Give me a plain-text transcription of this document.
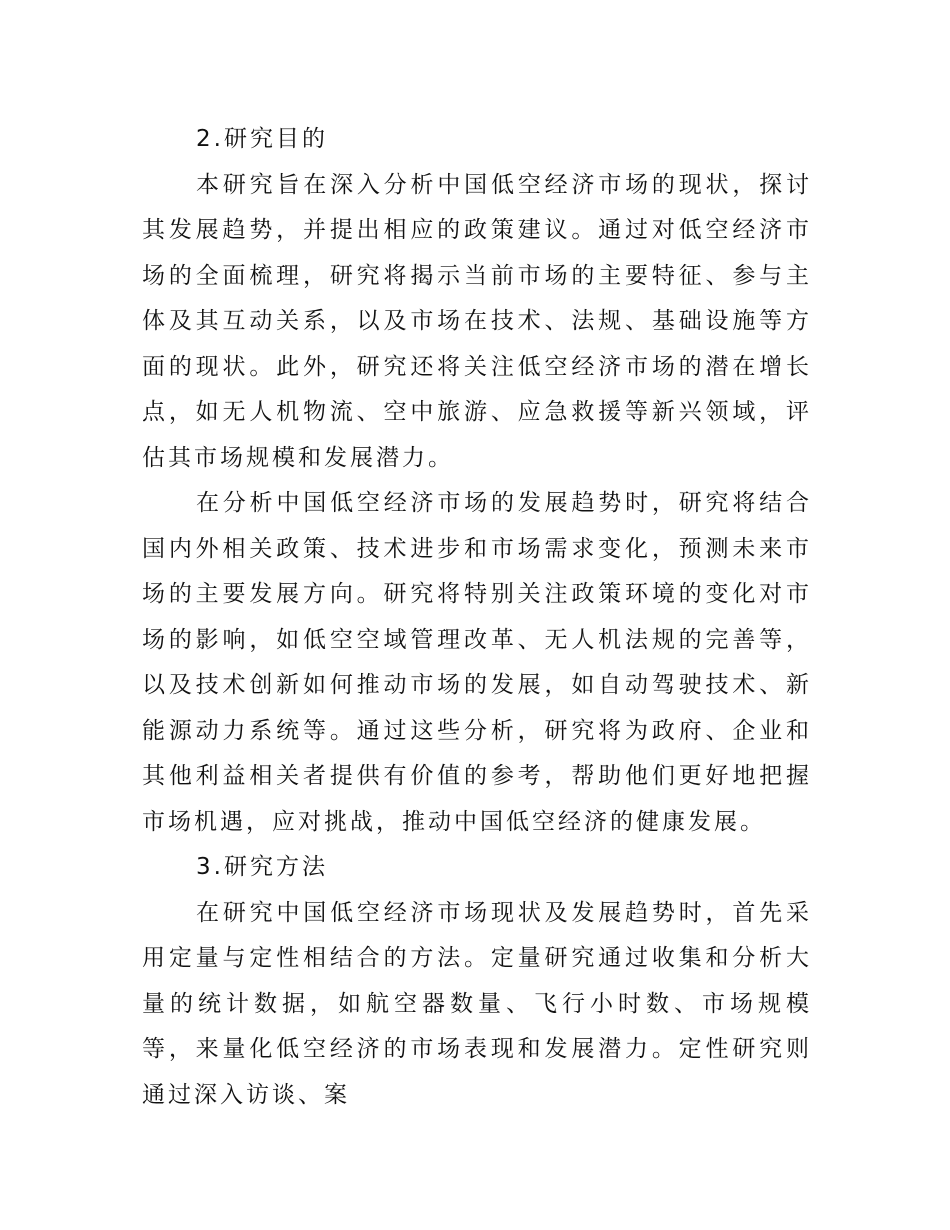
2.研究目的

本研究旨在深入分析中国低空经济市场的现状，探讨其发展趋势，并提出相应的政策建议。通过对低空经济市场的全面梳理，研究将揭示当前市场的主要特征、参与主体及其互动关系，以及市场在技术、法规、基础设施等方面的现状。此外，研究还将关注低空经济市场的潜在增长点，如无人机物流、空中旅游、应急救援等新兴领域，评估其市场规模和发展潜力。

在分析中国低空经济市场的发展趋势时，研究将结合国内外相关政策、技术进步和市场需求变化，预测未来市场的主要发展方向。研究将特别关注政策环境的变化对市场的影响，如低空空域管理改革、无人机法规的完善等，以及技术创新如何推动市场的发展，如自动驾驶技术、新能源动力系统等。通过这些分析，研究将为政府、企业和其他利益相关者提供有价值的参考，帮助他们更好地把握市场机遇，应对挑战，推动中国低空经济的健康发展。

3.研究方法

在研究中国低空经济市场现状及发展趋势时，首先采用定量与定性相结合的方法。定量研究通过收集和分析大量的统计数据，如航空器数量、飞行小时数、市场规模等，来量化低空经济的市场表现和发展潜力。定性研究则通过深入访谈、案
